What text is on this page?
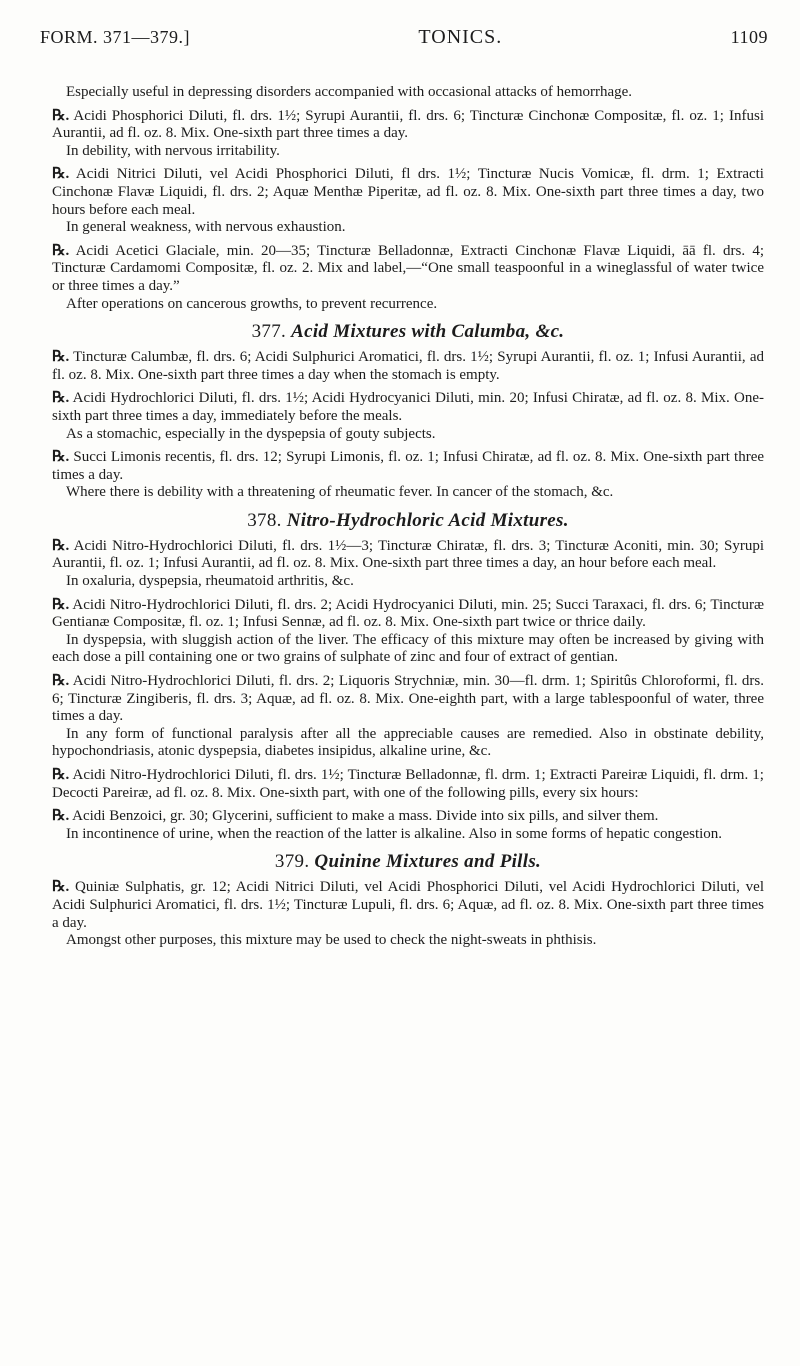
FORM. 371—379.]	TONICS.	1109

Especially useful in depressing disorders accompanied with occasional attacks of hemorrhage.

℞. Acidi Phosphorici Diluti, fl. drs. 1½; Syrupi Aurantii, fl. drs. 6; Tincturæ Cinchonæ Compositæ, fl. oz. 1; Infusi Aurantii, ad fl. oz. 8. Mix. One-sixth part three times a day.

In debility, with nervous irritability.

℞. Acidi Nitrici Diluti, vel Acidi Phosphorici Diluti, fl drs. 1½; Tincturæ Nucis Vomicæ, fl. drm. 1; Extracti Cinchonæ Flavæ Liquidi, fl. drs. 2; Aquæ Menthæ Piperitæ, ad fl. oz. 8. Mix. One-sixth part three times a day, two hours before each meal.

In general weakness, with nervous exhaustion.

℞. Acidi Acetici Glaciale, min. 20—35; Tincturæ Belladonnæ, Extracti Cinchonæ Flavæ Liquidi, āā fl. drs. 4; Tincturæ Cardamomi Compositæ, fl. oz. 2. Mix and label,—“One small teaspoonful in a wineglassful of water twice or three times a day.”

After operations on cancerous growths, to prevent recurrence.

377. Acid Mixtures with Calumba, &c.

℞. Tincturæ Calumbæ, fl. drs. 6; Acidi Sulphurici Aromatici, fl. drs. 1½; Syrupi Aurantii, fl. oz. 1; Infusi Aurantii, ad fl. oz. 8. Mix. One-sixth part three times a day when the stomach is empty.

℞. Acidi Hydrochlorici Diluti, fl. drs. 1½; Acidi Hydrocyanici Diluti, min. 20; Infusi Chiratæ, ad fl. oz. 8. Mix. One-sixth part three times a day, immediately before the meals.

As a stomachic, especially in the dyspepsia of gouty subjects.

℞. Succi Limonis recentis, fl. drs. 12; Syrupi Limonis, fl. oz. 1; Infusi Chiratæ, ad fl. oz. 8. Mix. One-sixth part three times a day.

Where there is debility with a threatening of rheumatic fever. In cancer of the stomach, &c.

378. Nitro-Hydrochloric Acid Mixtures.

℞. Acidi Nitro-Hydrochlorici Diluti, fl. drs. 1½—3; Tincturæ Chiratæ, fl. drs. 3; Tincturæ Aconiti, min. 30; Syrupi Aurantii, fl. oz. 1; Infusi Aurantii, ad fl. oz. 8. Mix. One-sixth part three times a day, an hour before each meal.

In oxaluria, dyspepsia, rheumatoid arthritis, &c.

℞. Acidi Nitro-Hydrochlorici Diluti, fl. drs. 2; Acidi Hydrocyanici Diluti, min. 25; Succi Taraxaci, fl. drs. 6; Tincturæ Gentianæ Compositæ, fl. oz. 1; Infusi Sennæ, ad fl. oz. 8. Mix. One-sixth part twice or thrice daily.

In dyspepsia, with sluggish action of the liver. The efficacy of this mixture may often be increased by giving with each dose a pill containing one or two grains of sulphate of zinc and four of extract of gentian.

℞. Acidi Nitro-Hydrochlorici Diluti, fl. drs. 2; Liquoris Strychniæ, min. 30—fl. drm. 1; Spiritûs Chloroformi, fl. drs. 6; Tincturæ Zingiberis, fl. drs. 3; Aquæ, ad fl. oz. 8. Mix. One-eighth part, with a large tablespoonful of water, three times a day.

In any form of functional paralysis after all the appreciable causes are remedied. Also in obstinate debility, hypochondriasis, atonic dyspepsia, diabetes insipidus, alkaline urine, &c.

℞. Acidi Nitro-Hydrochlorici Diluti, fl. drs. 1½; Tincturæ Belladonnæ, fl. drm. 1; Extracti Pareiræ Liquidi, fl. drm. 1; Decocti Pareiræ, ad fl. oz. 8. Mix. One-sixth part, with one of the following pills, every six hours:

℞. Acidi Benzoici, gr. 30; Glycerini, sufficient to make a mass. Divide into six pills, and silver them.

In incontinence of urine, when the reaction of the latter is alkaline. Also in some forms of hepatic congestion.

379. Quinine Mixtures and Pills.

℞. Quiniæ Sulphatis, gr. 12; Acidi Nitrici Diluti, vel Acidi Phosphorici Diluti, vel Acidi Hydrochlorici Diluti, vel Acidi Sulphurici Aromatici, fl. drs. 1½; Tincturæ Lupuli, fl. drs. 6; Aquæ, ad fl. oz. 8. Mix. One-sixth part three times a day.

Amongst other purposes, this mixture may be used to check the night-sweats in phthisis.
